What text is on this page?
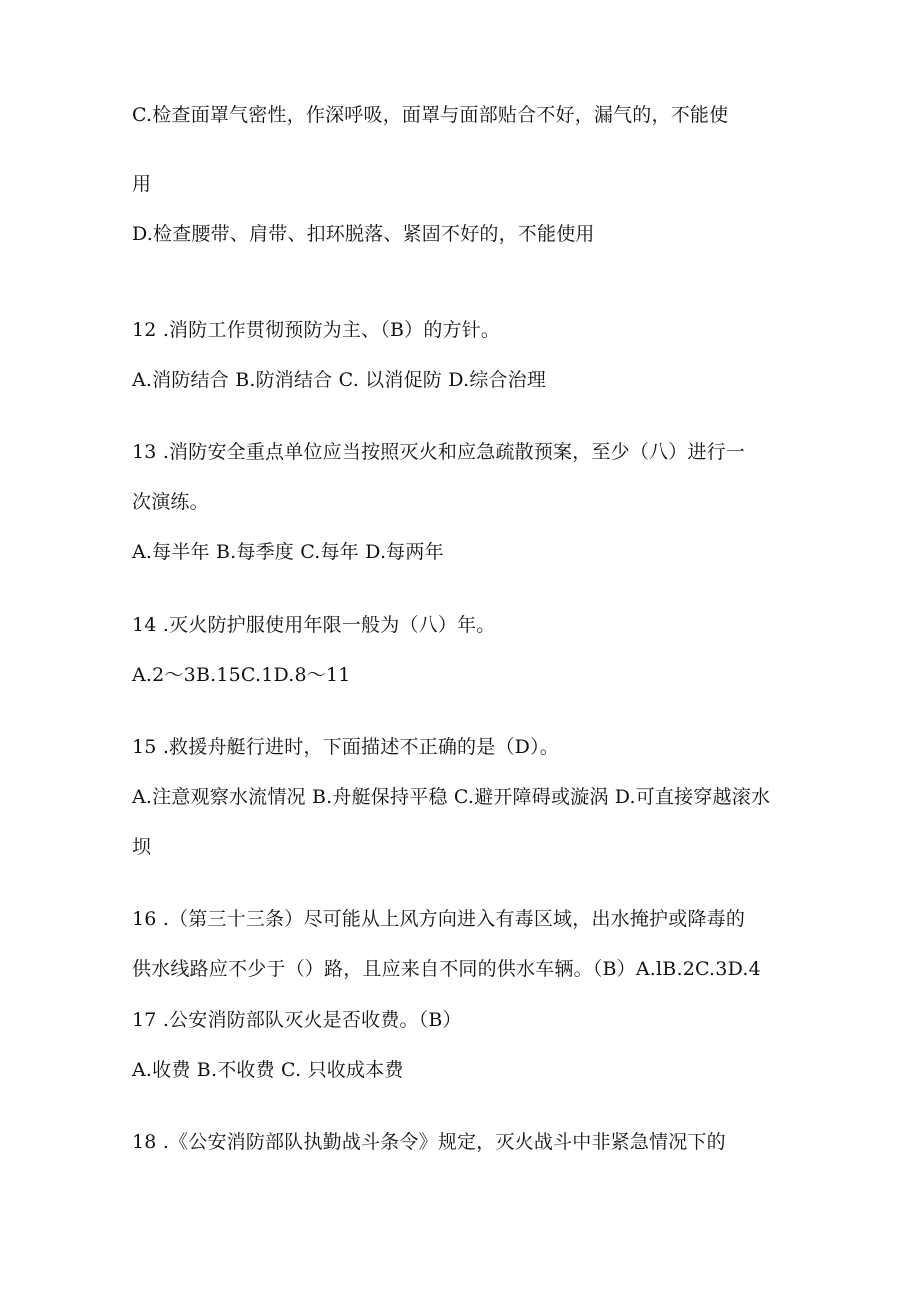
C.检查面罩气密性，作深呼吸，面罩与面部贴合不好，漏气的，不能使
用
D.检查腰带、肩带、扣环脱落、紧固不好的，不能使用
12 .消防工作贯彻预防为主、（B）的方针。
A.消防结合 B.防消结合 C. 以消促防 D.综合治理
13 .消防安全重点单位应当按照灭火和应急疏散预案，至少（八）进行一
次演练。
A.每半年 B.每季度 C.每年 D.每两年
14 .灭火防护服使用年限一般为（八）年。
A.2～3B.15C.1D.8～11
15 .救援舟艇行进时，下面描述不正确的是（D）。
A.注意观察水流情况 B.舟艇保持平稳 C.避开障碍或漩涡 D.可直接穿越滚水
坝
16 .（第三十三条）尽可能从上风方向进入有毒区域，出水掩护或降毒的
供水线路应不少于（）路，且应来自不同的供水车辆。（B）A.lB.2C.3D.4
17 .公安消防部队灭火是否收费。（B）
A.收费 B.不收费 C. 只收成本费
18 .《公安消防部队执勤战斗条令》规定，灭火战斗中非紧急情况下的
